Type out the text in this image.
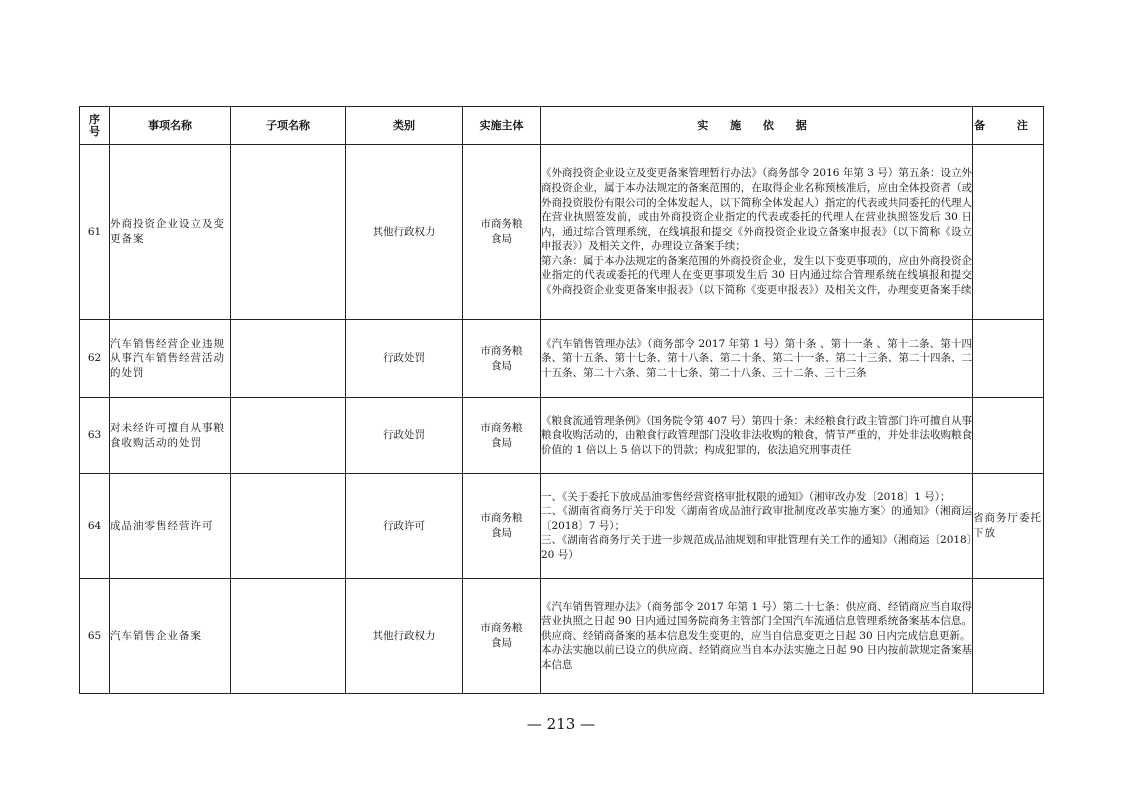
序号	事项名称	子项名称	类别	实施主体	实 施 依 据	备 注
61	外商投资企业设立及变更备案		其他行政权力	市商务粮食局	《外商投资企业设立及变更备案管理暂行办法》（商务部令 2016 年第 3 号）第五条：设立外商投资企业，属于本办法规定的备案范围的，在取得企业名称预核准后，应由全体投资者（或外商投资股份有限公司的全体发起人，以下简称全体发起人）指定的代表或共同委托的代理人在营业执照签发前，或由外商投资企业指定的代表或委托的代理人在营业执照签发后 30 日内，通过综合管理系统，在线填报和提交《外商投资企业设立备案申报表》（以下简称《设立申报表》）及相关文件，办理设立备案手续；
第六条：属于本办法规定的备案范围的外商投资企业，发生以下变更事项的，应由外商投资企业指定的代表或委托的代理人在变更事项发生后 30 日内通过综合管理系统在线填报和提交《外商投资企业变更备案申报表》（以下简称《变更申报表》）及相关文件，办理变更备案手续	

62	汽车销售经营企业违规从事汽车销售经营活动的处罚		行政处罚	市商务粮食局	《汽车销售管理办法》（商务部令 2017 年第 1 号）第十条 、第十一条 、第十二条、第十四条、第十五条、第十七条、第十八条、第二十条、第二十一条、第二十三条、第二十四条、二十五条、第二十六条、第二十七条、第二十八条、三十二条、三十三条	

63	对未经许可擅自从事粮食收购活动的处罚		行政处罚	市商务粮食局	《粮食流通管理条例》（国务院令第 407 号）第四十条：未经粮食行政主管部门许可擅自从事粮食收购活动的，由粮食行政管理部门没收非法收购的粮食，情节严重的，并处非法收购粮食价值的 1 倍以上 5 倍以下的罚款；构成犯罪的，依法追究刑事责任	

64	成品油零售经营许可		行政许可	市商务粮食局	一、《关于委托下放成品油零售经营资格审批权限的通知》（湘审改办发〔2018〕1 号）；
二、《湖南省商务厅关于印发〈湖南省成品油行政审批制度改革实施方案〉的通知》（湘商运〔2018〕7 号）；
三、《湖南省商务厅关于进一步规范成品油规划和审批管理有关工作的通知》（湘商运〔2018〕20 号）	省商务厅委托下放
65	汽车销售企业备案		其他行政权力	市商务粮食局	《汽车销售管理办法》（商务部令 2017 年第 1 号）第二十七条：供应商、经销商应当自取得营业执照之日起 90 日内通过国务院商务主管部门全国汽车流通信息管理系统备案基本信息。供应商、经销商备案的基本信息发生变更的，应当自信息变更之日起 30 日内完成信息更新。
本办法实施以前已设立的供应商、经销商应当自本办法实施之日起 90 日内按前款规定备案基本信息	

— 213 —
